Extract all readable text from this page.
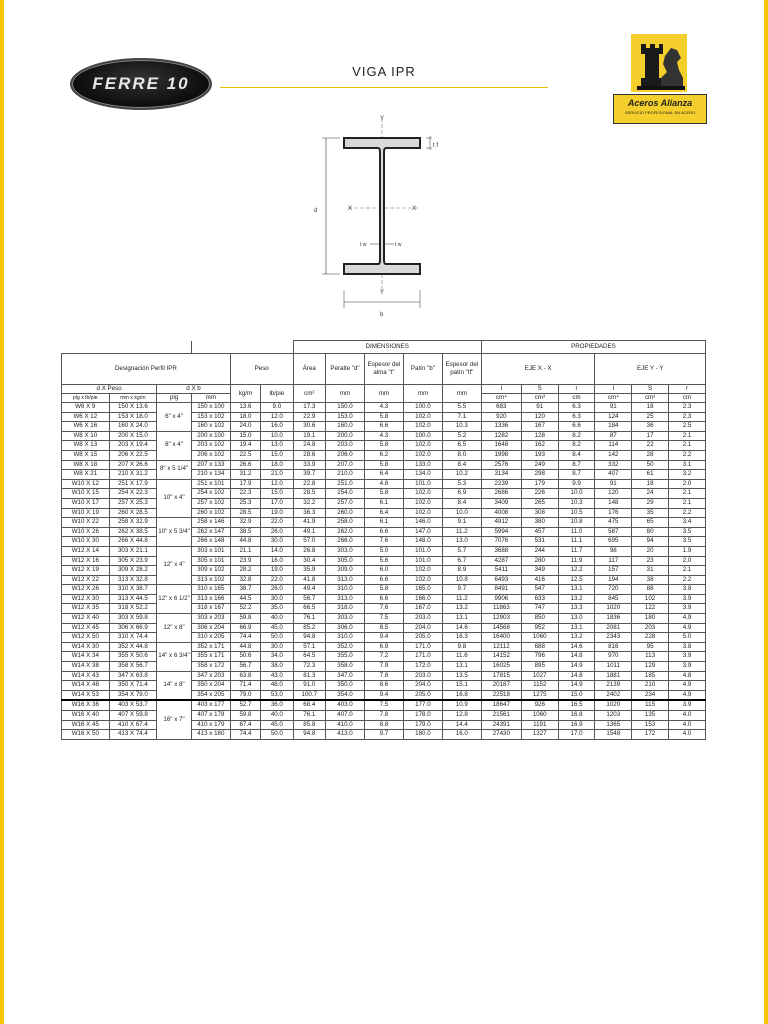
FERRE 10
VIGA IPR
Aceros Alianza
SERVICIO PROFESIONAL EN ACERO
Y
Y
X	X
d
b
t f
t w	t w
						DIMENSIONES					PROPIEDADES					
Designación Perfil IPR				Peso		Área	Peralte "d"	Espesor del alma "t"	Patín "b"	Espesor del patín "tf"	EJE X - X			EJE Y - Y		
d X Peso		d X b		kg/m	lb/pie	cm²	mm	mm	mm	mm	I	S	r	I	S	r
plg x lb/pie	mm x kg/m	plg	mm								cm⁴	cm³	cm	cm⁴	cm³	cm
W6 X 9	150 X 13.6	6" x 4"	150 x 100	13.6	9.0	17.3	150.0	4.3	100.0	5.5	683	91	6.3	91	18	2.3
W6 X 12	153 X 18.0		153 x 102	18.0	12.0	22.9	153.0	5.8	102.0	7.1	920	120	6.3	124	25	2.3
W6 X 16	160 X 24.0		160 x 102	24.0	16.0	30.6	160.0	6.6	102.0	10.3	1336	167	6.6	184	36	2.5
W8 X 10	200 X 15.0	8" x 4"	200 x 100	15.0	10.0	19.1	200.0	4.3	100.0	5.2	1282	128	8.2	87	17	2.1
W8 X 13	203 X 19.4		203 x 102	19.4	13.0	24.8	203.0	5.8	102.0	6.5	1648	162	8.2	114	22	2.1
W8 X 15	206 X 22.5		206 x 102	22.5	15.0	28.6	206.0	6.2	102.0	8.0	1998	193	8.4	142	28	2.2
W8 X 18	207 X 26.6	8" x 5 1/4"	207 x 133	26.6	18.0	33.9	207.0	5.8	133.0	8.4	2576	249	8.7	332	50	3.1
W8 X 21	210 X 31.2		210 x 134	31.2	21.0	39.7	210.0	6.4	134.0	10.2	3134	298	8.7	407	61	3.2
W10 X 12	251 X 17.9	10" x 4"	251 x 101	17.9	12.0	22.8	251.0	4.8	101.0	5.3	2239	179	9.9	91	18	2.0
W10 X 15	254 X 22.3		254 x 102	22.3	15.0	28.5	254.0	5.8	102.0	6.9	2686	226	10.0	120	24	2.1
W10 X 17	257 X 25.3		257 x 102	25.3	17.0	32.2	257.0	6.1	102.0	8.4	3409	265	10.3	148	29	2.1
W10 X 19	260 X 28.5		260 x 102	28.5	19.0	36.3	260.0	6.4	102.0	10.0	4008	308	10.5	176	35	2.2
W10 X 22	258 X 32.9	10" x 5 3/4"	258 x 146	32.9	22.0	41.9	258.0	6.1	146.0	9.1	4912	380	10.8	475	65	3.4
W10 X 26	262 X 38.5		262 x 147	38.5	26.0	49.1	262.0	6.6	147.0	11.2	5994	457	11.0	587	80	3.5
W10 X 30	266 X 44.8		266 x 148	44.8	30.0	57.0	266.0	7.6	148.0	13.0	7076	531	11.1	695	94	3.5
W12 X 14	303 X 21.1	12" x 4"	303 x 101	21.1	14.0	26.8	303.0	5.0	101.0	5.7	3688	244	11.7	98	20	1.9
W12 X 16	305 X 23.9		305 x 101	23.9	16.0	30.4	305.0	5.6	101.0	6.7	4287	280	11.9	117	23	2.0
W12 X 19	309 X 28.2		309 x 102	28.2	19.0	35.9	309.0	6.0	102.0	8.9	5411	349	12.2	157	31	2.1
W12 X 22	313 X 32.8		313 x 102	32.8	22.0	41.8	313.0	6.6	102.0	10.8	6493	416	12.5	194	38	2.2
W12 X 26	310 X 38.7	12" x 6 1/2"	310 x 165	38.7	26.0	49.4	310.0	5.8	165.0	9.7	8491	547	13.1	720	88	3.8
W12 X 30	313 X 44.5		313 x 166	44.5	30.0	56.7	313.0	6.6	166.0	11.2	9906	633	13.2	845	102	3.9
W12 X 35	318 X 52.2		318 x 167	52.2	35.0	66.5	318.0	7.6	167.0	13.2	11863	747	13.3	1020	122	3.9
W12 X 40	303 X 59.8	12" x 8"	303 x 203	59.8	40.0	76.1	303.0	7.5	203.0	13.1	12903	850	13.0	1836	180	4.9
W12 X 45	306 X 66.9		306 x 204	66.9	45.0	85.2	306.0	8.5	204.0	14.6	14568	952	13.1	2081	203	4.9
W12 X 50	310 X 74.4		310 x 205	74.4	50.0	94.8	310.0	9.4	205.0	16.3	16400	1060	13.2	2343	228	5.0
W14 X 30	352 X 44.8	14" x 6 3/4"	352 x 171	44.8	30.0	57.1	352.0	6.9	171.0	9.8	12112	688	14.6	816	95	3.8
W14 X 34	355 X 50.6		355 x 171	50.6	34.0	64.5	355.0	7.2	171.0	11.6	14152	796	14.8	970	113	3.9
W14 X 38	358 X 56.7		358 x 172	56.7	38.0	72.3	358.0	7.9	172.0	13.1	16025	895	14.9	1011	129	3.9
W14 X 43	347 X 63.8	14" x 8"	347 x 203	63.8	43.0	81.3	347.0	7.8	203.0	13.5	17815	1027	14.8	1881	185	4.8
W14 X 48	350 X 71.4		350 x 204	71.4	48.0	91.0	350.0	8.6	204.0	15.1	20187	1152	14.9	2139	210	4.9
W14 X 53	354 X 79.0		354 x 205	79.0	53.0	100.7	354.0	9.4	205.0	16.8	22518	1275	15.0	2402	234	4.9
W16 X 36	403 X 53.7	16" x 7"	403 x 177	52.7	36.0	68.4	403.0	7.5	177.0	10.9	18647	926	16.5	1020	115	3.9
W16 X 40	407 X 59.8		407 x 178	59.8	40.0	76.1	407.0	7.8	178.0	12.8	21561	1060	16.8	1203	135	4.0
W16 X 45	410 X 67.4		410 x 179	67.4	45.0	85.8	410.0	8.8	179.0	14.4	24391	1191	16.9	1365	153	4.0
W16 X 50	413 X 74.4		413 x 180	74.4	50.0	94.8	413.0	9.7	180.0	16.0	27430	1327	17.0	1548	172	4.0
